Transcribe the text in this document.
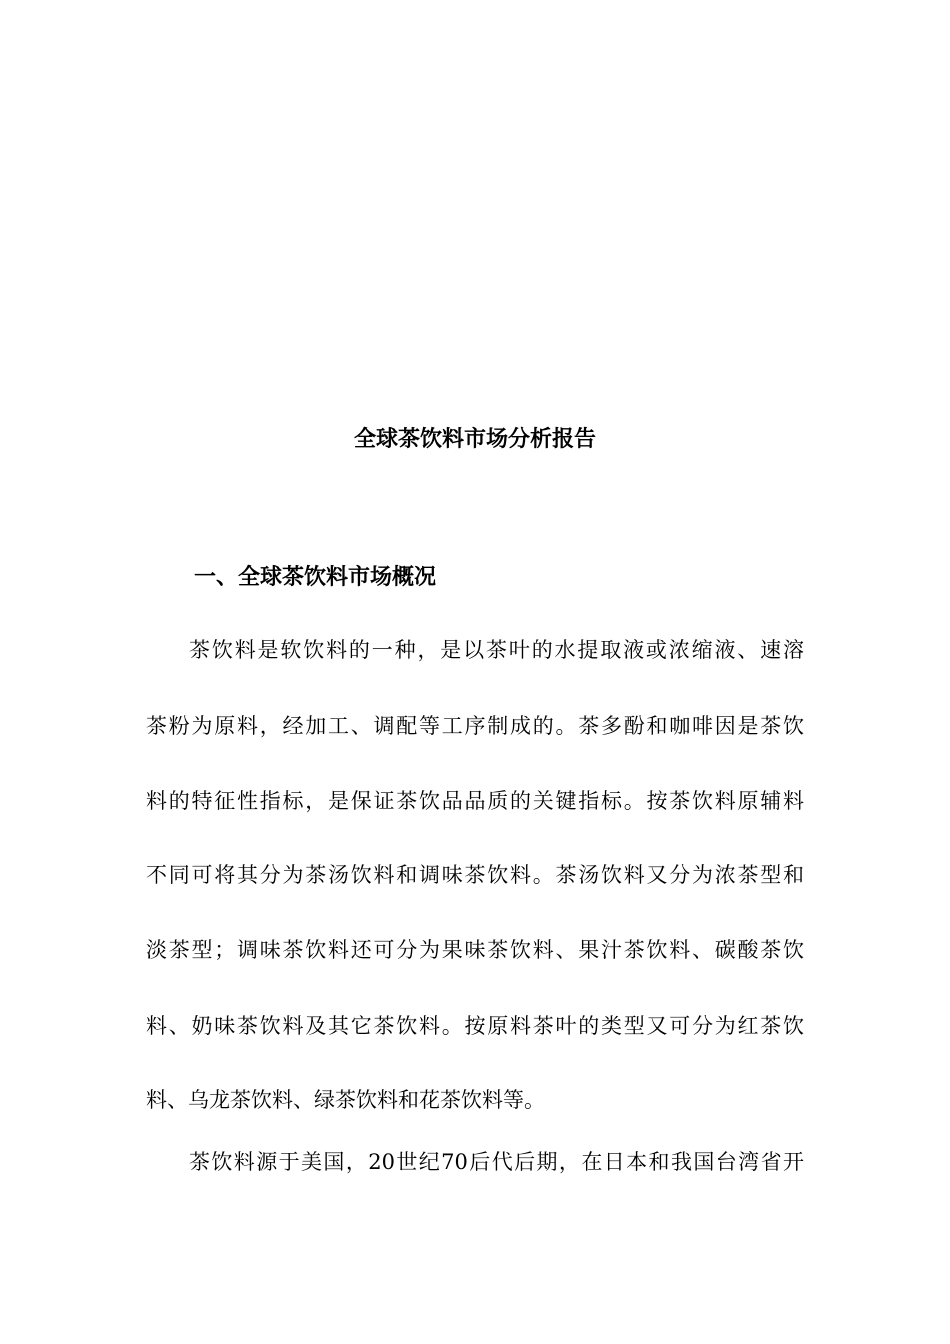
全球茶饮料市场分析报告
一、全球茶饮料市场概况

茶饮料是软饮料的一种，是以茶叶的水提取液或浓缩液、速溶

茶粉为原料，经加工、调配等工序制成的。茶多酚和咖啡因是茶饮

料的特征性指标，是保证茶饮品品质的关键指标。按茶饮料原辅料

不同可将其分为茶汤饮料和调味茶饮料。茶汤饮料又分为浓茶型和

淡茶型；调味茶饮料还可分为果味茶饮料、果汁茶饮料、碳酸茶饮

料、奶味茶饮料及其它茶饮料。按原料茶叶的类型又可分为红茶饮

料、乌龙茶饮料、绿茶饮料和花茶饮料等。

茶饮料源于美国，20世纪70后代后期，在日本和我国台湾省开
